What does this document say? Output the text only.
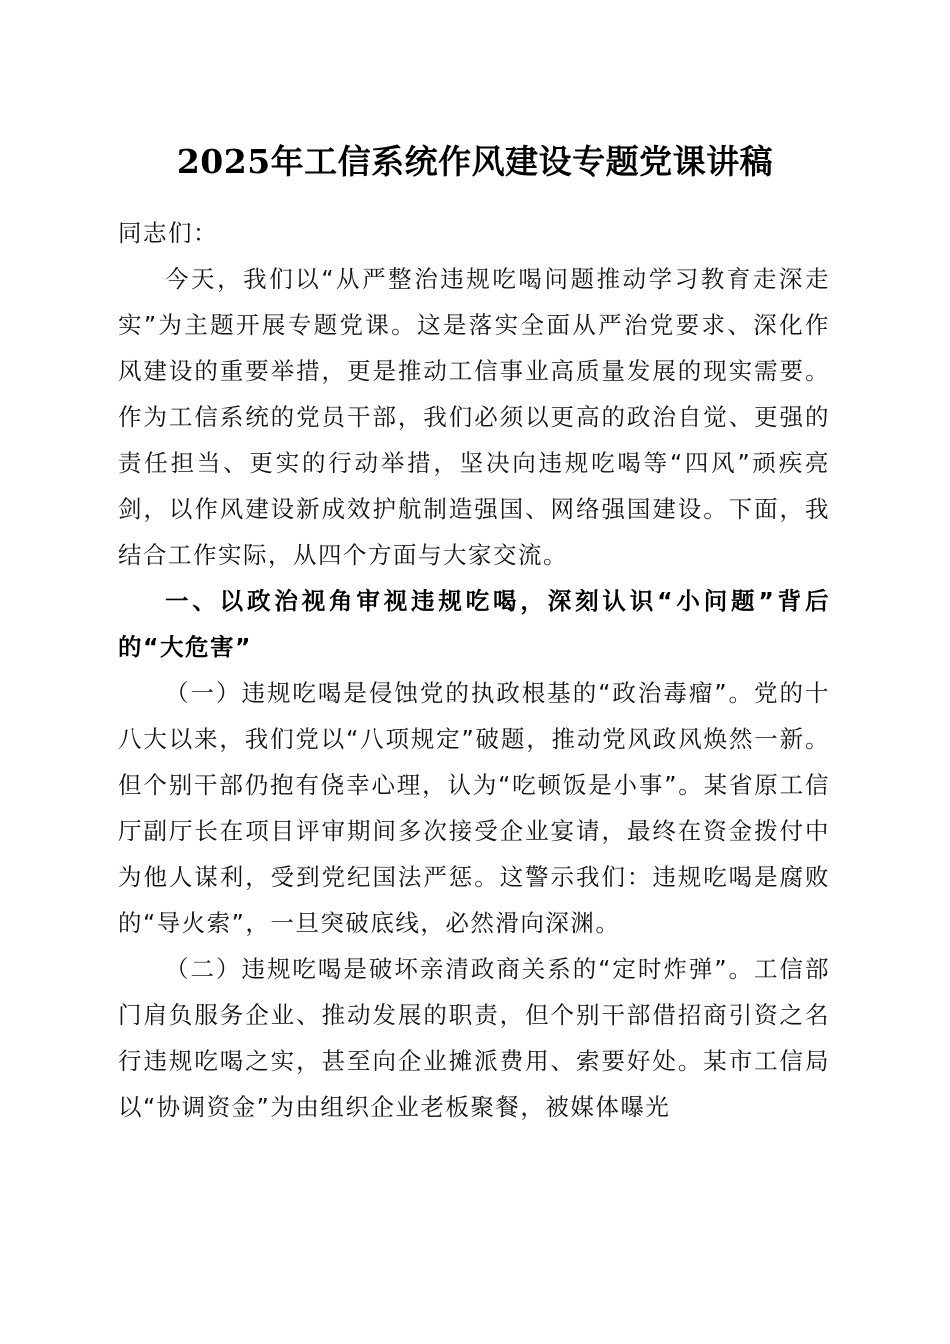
2025年工信系统作风建设专题党课讲稿

同志们：

今天，我们以“从严整治违规吃喝问题推动学习教育走深走实”为主题开展专题党课。这是落实全面从严治党要求、深化作风建设的重要举措，更是推动工信事业高质量发展的现实需要。作为工信系统的党员干部，我们必须以更高的政治自觉、更强的责任担当、更实的行动举措，坚决向违规吃喝等“四风”顽疾亮剑，以作风建设新成效护航制造强国、网络强国建设。下面，我结合工作实际，从四个方面与大家交流。

一、以政治视角审视违规吃喝，深刻认识“小问题”背后的“大危害”

（一）违规吃喝是侵蚀党的执政根基的“政治毒瘤”。党的十八大以来，我们党以“八项规定”破题，推动党风政风焕然一新。但个别干部仍抱有侥幸心理，认为“吃顿饭是小事”。某省原工信厅副厅长在项目评审期间多次接受企业宴请，最终在资金拨付中为他人谋利，受到党纪国法严惩。这警示我们：违规吃喝是腐败的“导火索”，一旦突破底线，必然滑向深渊。

（二）违规吃喝是破坏亲清政商关系的“定时炸弹”。工信部门肩负服务企业、推动发展的职责，但个别干部借招商引资之名行违规吃喝之实，甚至向企业摊派费用、索要好处。某市工信局以“协调资金”为由组织企业老板聚餐，被媒体曝光
